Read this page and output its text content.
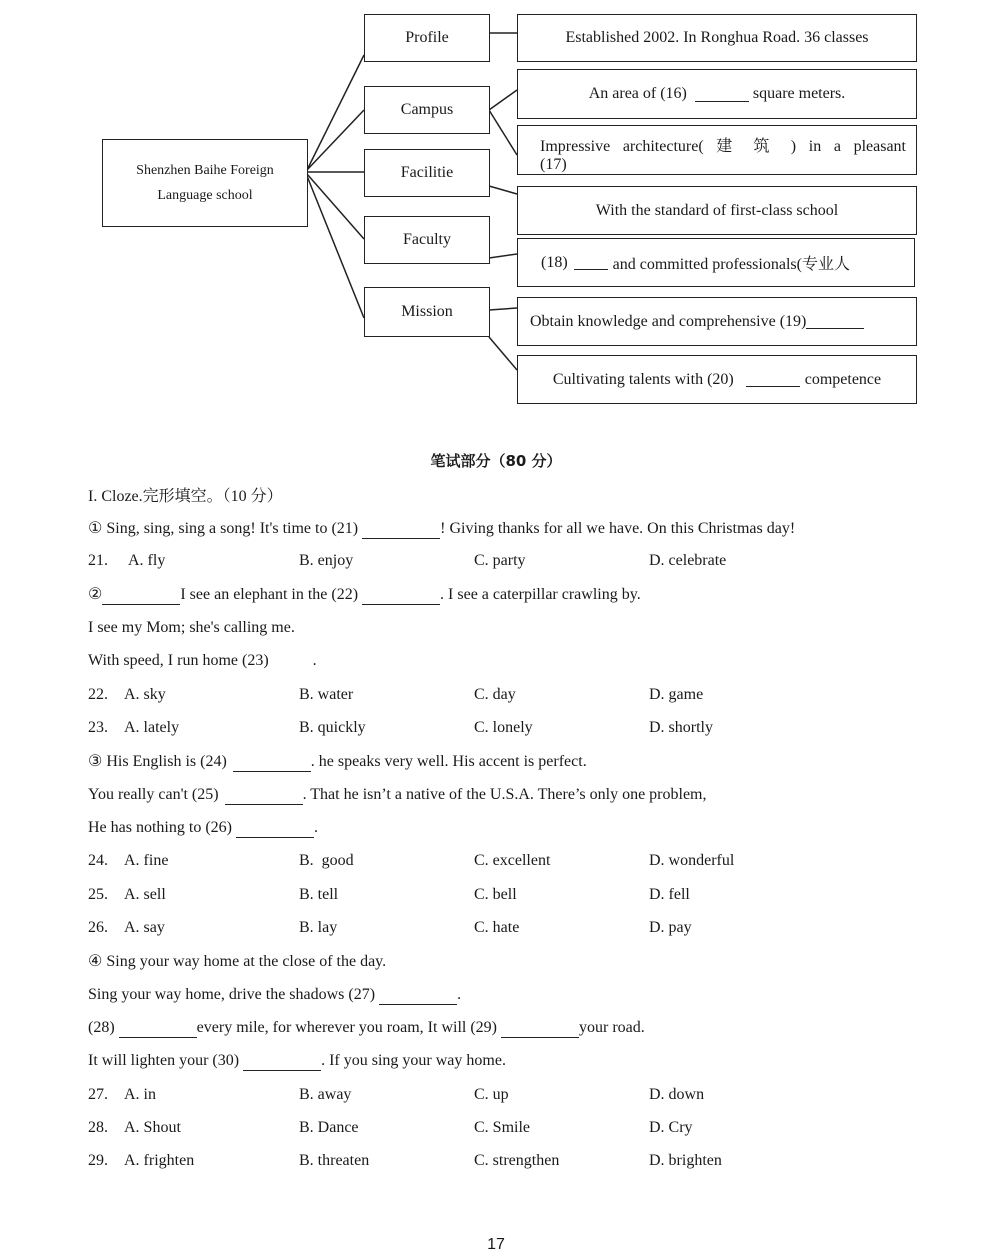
Shenzhen Baihe Foreign
Language school
Profile
Campus
Facilitie
Faculty
Mission
Established 2002. In Ronghua Road. 36 classes
An area of (16)	square meters.
Impressive architecture( 建 筑 ) in a pleasant
(17)
With the standard of first-class school
(18)	and committed professionals(专业人
Obtain knowledge and comprehensive (19)
Cultivating talents with (20)	competence
笔试部分（80 分）
I. Cloze.完形填空。（10 分）
① Sing, sing, sing a song! It's time to (21)	! Giving thanks for all we have. On this Christmas day!
21. A. fly	B. enjoy	C. party	D. celebrate
②	I see an elephant in the (22)	. I see a caterpillar crawling by.
I see my Mom; she's calling me.
With speed, I run home (23)	.
22. A. sky	B. water	C. day	D. game
23. A. lately	B. quickly	C. lonely	D. shortly
③ His English is (24)	. he speaks very well. His accent is perfect.
You really can't (25)	. That he isn’t a native of the U.S.A. There’s only one problem,
He has nothing to (26)	.
24. A. fine	B.  good	C. excellent	D. wonderful
25. A. sell	B. tell	C. bell	D. fell
26. A. say	B. lay	C. hate	D. pay
④ Sing your way home at the close of the day.
Sing your way home, drive the shadows (27)	.
(28)	every mile, for wherever you roam, It will (29)	your road.
It will lighten your (30)	. If you sing your way home.
27. A. in	B. away	C. up	D. down
28. A. Shout	B. Dance	C. Smile	D. Cry
29. A. frighten	B. threaten	C. strengthen	D. brighten
17
